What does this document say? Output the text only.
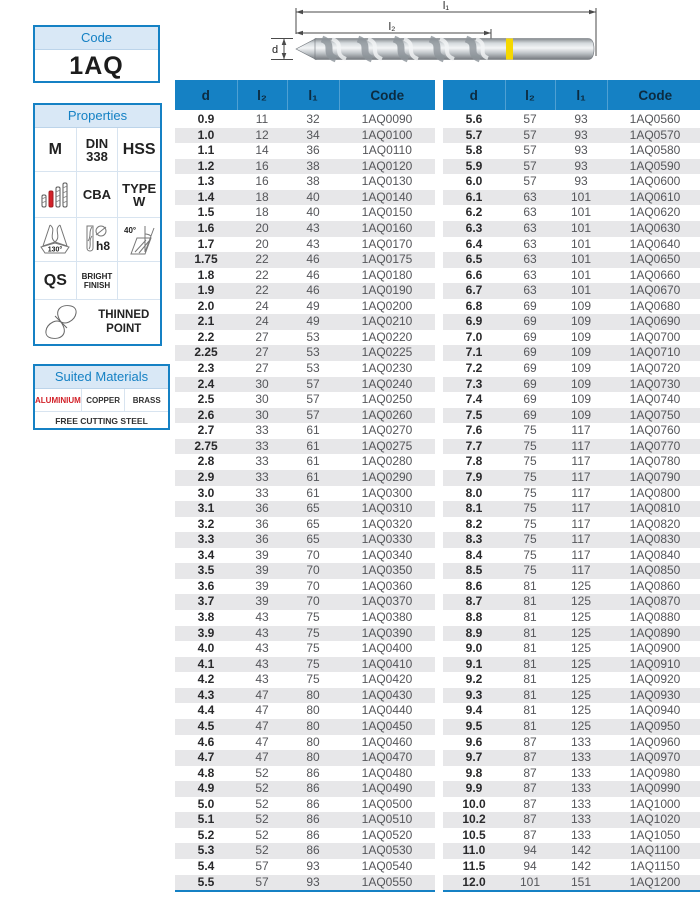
Code
1AQ
Properties
M	DIN 338 HSS
CBA TYPE W
130°	h8
40°
QS	BRIGHT FINISH
THINNED POINT
Suited Materials
ALUMINIUM COPPER	BRASS
FREE CUTTING STEEL
l₁
l₂
d
d	l₂	l₁	Code
0.9	11	32	1AQ0090
1.0	12	34	1AQ0100
1.1	14	36	1AQ0110
1.2	16	38	1AQ0120
1.3	16	38	1AQ0130
1.4	18	40	1AQ0140
1.5	18	40	1AQ0150
1.6	20	43	1AQ0160
1.7	20	43	1AQ0170
1.75	22	46	1AQ0175
1.8	22	46	1AQ0180
1.9	22	46	1AQ0190
2.0	24	49	1AQ0200
2.1	24	49	1AQ0210
2.2	27	53	1AQ0220
2.25	27	53	1AQ0225
2.3	27	53	1AQ0230
2.4	30	57	1AQ0240
2.5	30	57	1AQ0250
2.6	30	57	1AQ0260
2.7	33	61	1AQ0270
2.75	33	61	1AQ0275
2.8	33	61	1AQ0280
2.9	33	61	1AQ0290
3.0	33	61	1AQ0300
3.1	36	65	1AQ0310
3.2	36	65	1AQ0320
3.3	36	65	1AQ0330
3.4	39	70	1AQ0340
3.5	39	70	1AQ0350
3.6	39	70	1AQ0360
3.7	39	70	1AQ0370
3.8	43	75	1AQ0380
3.9	43	75	1AQ0390
4.0	43	75	1AQ0400
4.1	43	75	1AQ0410
4.2	43	75	1AQ0420
4.3	47	80	1AQ0430
4.4	47	80	1AQ0440
4.5	47	80	1AQ0450
4.6	47	80	1AQ0460
4.7	47	80	1AQ0470
4.8	52	86	1AQ0480
4.9	52	86	1AQ0490
5.0	52	86	1AQ0500
5.1	52	86	1AQ0510
5.2	52	86	1AQ0520
5.3	52	86	1AQ0530
5.4	57	93	1AQ0540
5.5	57	93	1AQ0550
d	l₂	l₁	Code
5.6	57	93	1AQ0560
5.7	57	93	1AQ0570
5.8	57	93	1AQ0580
5.9	57	93	1AQ0590
6.0	57	93	1AQ0600
6.1	63	101	1AQ0610
6.2	63	101	1AQ0620
6.3	63	101	1AQ0630
6.4	63	101	1AQ0640
6.5	63	101	1AQ0650
6.6	63	101	1AQ0660
6.7	63	101	1AQ0670
6.8	69	109	1AQ0680
6.9	69	109	1AQ0690
7.0	69	109	1AQ0700
7.1	69	109	1AQ0710
7.2	69	109	1AQ0720
7.3	69	109	1AQ0730
7.4	69	109	1AQ0740
7.5	69	109	1AQ0750
7.6	75	117	1AQ0760
7.7	75	117	1AQ0770
7.8	75	117	1AQ0780
7.9	75	117	1AQ0790
8.0	75	117	1AQ0800
8.1	75	117	1AQ0810
8.2	75	117	1AQ0820
8.3	75	117	1AQ0830
8.4	75	117	1AQ0840
8.5	75	117	1AQ0850
8.6	81	125	1AQ0860
8.7	81	125	1AQ0870
8.8	81	125	1AQ0880
8.9	81	125	1AQ0890
9.0	81	125	1AQ0900
9.1	81	125	1AQ0910
9.2	81	125	1AQ0920
9.3	81	125	1AQ0930
9.4	81	125	1AQ0940
9.5	81	125	1AQ0950
9.6	87	133	1AQ0960
9.7	87	133	1AQ0970
9.8	87	133	1AQ0980
9.9	87	133	1AQ0990
10.0	87	133	1AQ1000
10.2	87	133	1AQ1020
10.5	87	133	1AQ1050
11.0	94	142	1AQ1100
11.5	94	142	1AQ1150
12.0	101	151	1AQ1200
